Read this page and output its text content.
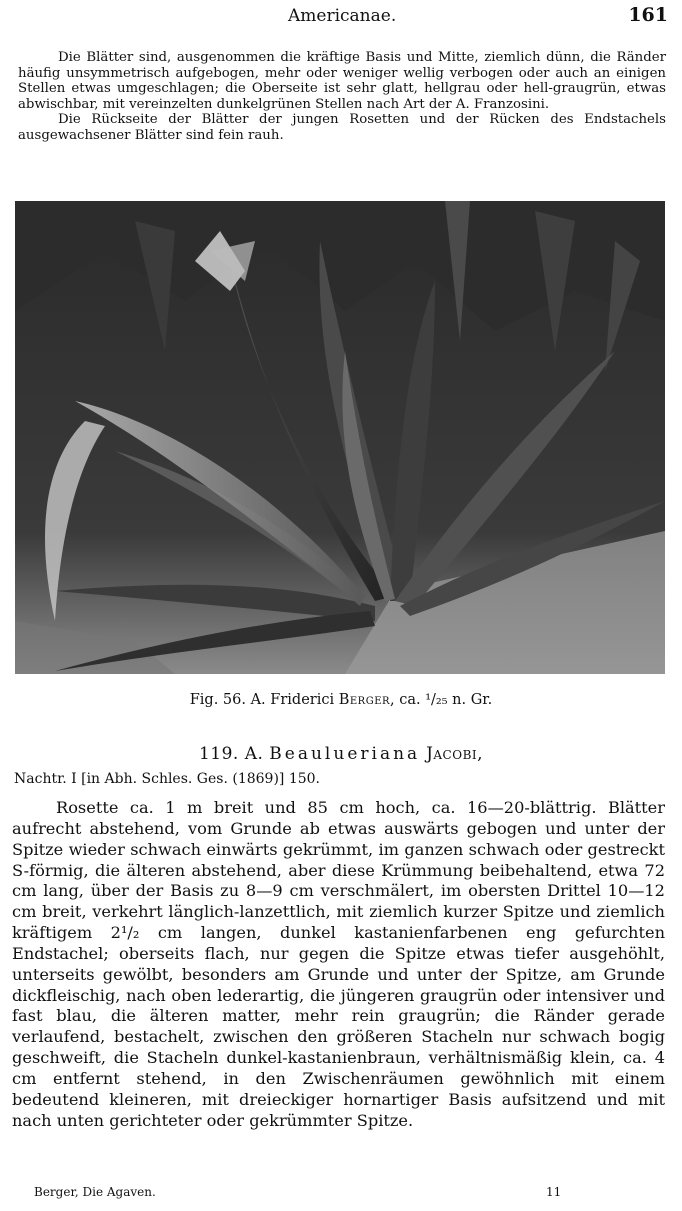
Americanae.	161

Die Blätter sind, ausgenommen die kräftige Basis und Mitte, ziemlich dünn, die Ränder häufig unsymmetrisch aufgebogen, mehr oder weniger wellig verbogen oder auch an einigen Stellen etwas umgeschlagen; die Oberseite ist sehr glatt, hellgrau oder hell-graugrün, etwas abwischbar, mit vereinzelten dunkelgrünen Stellen nach Art der A. Franzosini.

Die Rückseite der Blätter der jungen Rosetten und der Rücken des Endstachels ausgewachsener Blätter sind fein rauh.

Fig. 56. A. Friderici Berger, ca. ¹/₂₅ n. Gr.
119. A. Beaulueriana Jacobi,
Nachtr. I [in Abh. Schles. Ges. (1869)] 150.

Rosette ca. 1 m breit und 85 cm hoch, ca. 16—20-blättrig. Blätter aufrecht abstehend, vom Grunde ab etwas auswärts gebogen und unter der Spitze wieder schwach einwärts gekrümmt, im ganzen schwach oder gestreckt S-förmig, die älteren abstehend, aber diese Krümmung beibehaltend, etwa 72 cm lang, über der Basis zu 8—9 cm verschmälert, im obersten Drittel 10—12 cm breit, verkehrt länglich-lanzettlich, mit ziemlich kurzer Spitze und ziemlich kräftigem 2¹/₂ cm langen, dunkel kastanienfarbenen eng gefurchten Endstachel; oberseits flach, nur gegen die Spitze etwas tiefer ausgehöhlt, unterseits gewölbt, besonders am Grunde und unter der Spitze, am Grunde dickfleischig, nach oben lederartig, die jüngeren graugrün oder intensiver und fast blau, die älteren matter, mehr rein graugrün; die Ränder gerade verlaufend, bestachelt, zwischen den größeren Stacheln nur schwach bogig geschweift, die Stacheln dunkel-kastanienbraun, verhältnismäßig klein, ca. 4 cm entfernt stehend, in den Zwischenräumen gewöhnlich mit einem bedeutend kleineren, mit dreieckiger hornartiger Basis aufsitzend und mit nach unten gerichteter oder gekrümmter Spitze.

Berger, Die Agaven.	11
